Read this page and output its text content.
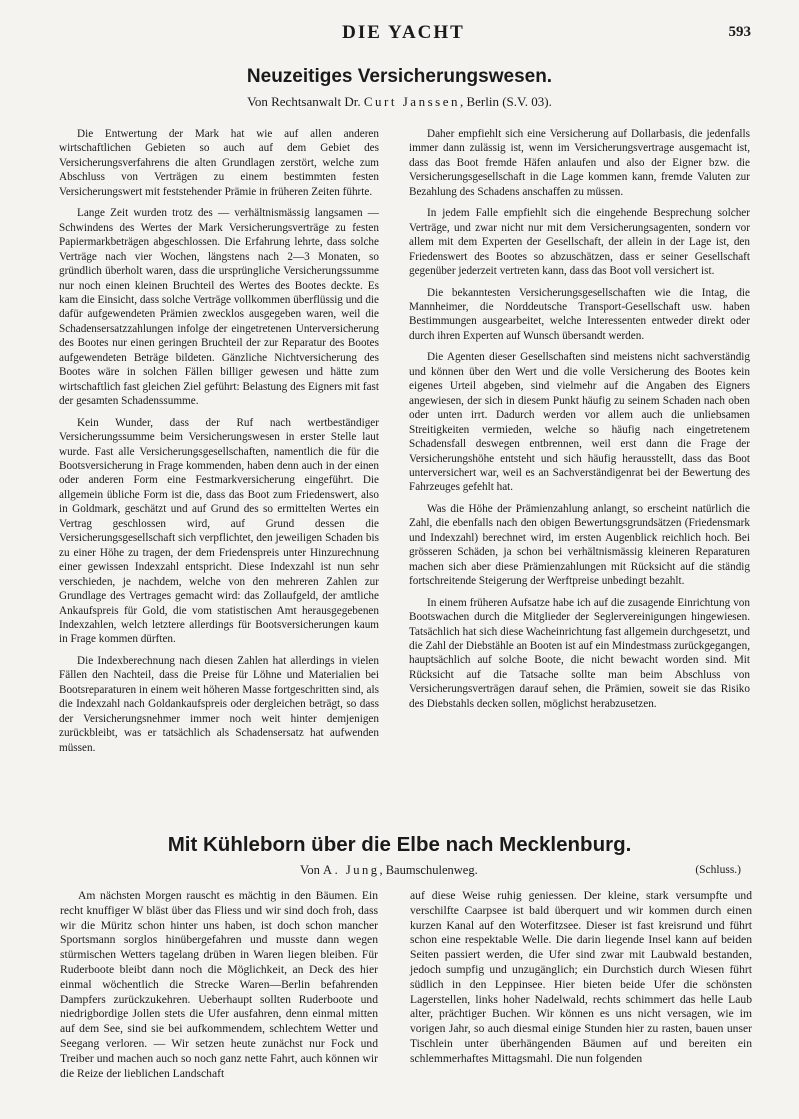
DIE YACHT	593
Neuzeitiges Versicherungswesen.
Von Rechtsanwalt Dr. Curt Janssen, Berlin (S.V. 03).

Die Entwertung der Mark hat wie auf allen anderen wirtschaftlichen Gebieten so auch auf dem Gebiet des Versicherungsverfahrens die alten Grundlagen zerstört, welche zum Abschluss von Verträgen zu einem bestimmten festen Versicherungswert mit feststehender Prämie in früheren Zeiten führte.

Lange Zeit wurden trotz des — verhältnismässig langsamen — Schwindens des Wertes der Mark Versicherungsverträge zu festen Papiermarkbeträgen abgeschlossen. Die Erfahrung lehrte, dass solche Verträge nach vier Wochen, längstens nach 2—3 Monaten, so gründlich überholt waren, dass die ursprüngliche Versicherungssumme nur noch einen kleinen Bruchteil des Wertes des Bootes deckte. Es kam die Einsicht, dass solche Verträge vollkommen überflüssig und die dafür aufgewendeten Prämien zwecklos ausgegeben waren, weil die Schadensersatzzahlungen infolge der eingetretenen Unterversicherung des Bootes nur einen geringen Bruchteil der zur Reparatur des Bootes aufgewendeten Beträge bildeten. Gänzliche Nichtversicherung des Bootes wäre in solchen Fällen billiger gewesen und hätte zum wirtschaftlich fast gleichen Ziel geführt: Belastung des Eigners mit fast der gesamten Schadenssumme.

Kein Wunder, dass der Ruf nach wertbeständiger Versicherungssumme beim Versicherungswesen in erster Stelle laut wurde. Fast alle Versicherungsgesellschaften, namentlich die für die Bootsversicherung in Frage kommenden, haben denn auch in der einen oder anderen Form eine Festmarkversicherung eingeführt. Die allgemein übliche Form ist die, dass das Boot zum Friedenswert, also in Goldmark, geschätzt und auf Grund des so ermittelten Wertes ein Vertrag geschlossen wird, auf Grund dessen die Versicherungsgesellschaft sich verpflichtet, den jeweiligen Schaden bis zu einer Höhe zu tragen, der dem Friedenspreis unter Hinzurechnung einer gewissen Indexzahl entspricht. Diese Indexzahl ist nun sehr verschieden, je nachdem, welche von den mehreren Zahlen zur Grundlage des Vertrages gemacht wird: das Zollaufgeld, der amtliche Ankaufspreis für Gold, die vom statistischen Amt herausgegebenen Indexzahlen, welch letztere allerdings für Bootsversicherungen kaum in Frage kommen dürften.

Die Indexberechnung nach diesen Zahlen hat allerdings in vielen Fällen den Nachteil, dass die Preise für Löhne und Materialien bei Bootsreparaturen in einem weit höheren Masse fortgeschritten sind, als die Indexzahl nach Goldankaufspreis oder dergleichen beträgt, so dass der Versicherungsnehmer immer noch weit hinter demjenigen zurückbleibt, was er tatsächlich als Schadensersatz hat aufwenden müssen.

Daher empfiehlt sich eine Versicherung auf Dollarbasis, die jedenfalls immer dann zulässig ist, wenn im Versicherungsvertrage ausgemacht ist, dass das Boot fremde Häfen anlaufen und also der Eigner bzw. die Versicherungsgesellschaft in die Lage kommen kann, fremde Valuten zur Bezahlung des Schadens anschaffen zu müssen.

In jedem Falle empfiehlt sich die eingehende Besprechung solcher Verträge, und zwar nicht nur mit dem Versicherungsagenten, sondern vor allem mit dem Experten der Gesellschaft, der allein in der Lage ist, den Friedenswert des Bootes so abzuschätzen, dass er seiner Gesellschaft gegenüber jederzeit vertreten kann, dass das Boot voll versichert ist.

Die bekanntesten Versicherungsgesellschaften wie die Intag, die Mannheimer, die Norddeutsche Transport-Gesellschaft usw. haben Bestimmungen ausgearbeitet, welche Interessenten entweder direkt oder durch ihren Experten auf Wunsch übersandt werden.

Die Agenten dieser Gesellschaften sind meistens nicht sachverständig und können über den Wert und die volle Versicherung des Bootes kein eigenes Urteil abgeben, sind vielmehr auf die Angaben des Eigners angewiesen, der sich in diesem Punkt häufig zu seinem Schaden nach oben oder unten irrt. Dadurch werden vor allem auch die unliebsamen Streitigkeiten vermieden, welche so häufig nach eingetretenem Schadensfall deswegen entbrennen, weil erst dann die Frage der Versicherungshöhe entsteht und sich häufig herausstellt, dass das Boot unterversichert war, weil es an Sachverständigenrat bei der Bewertung des Fahrzeuges gefehlt hat.

Was die Höhe der Prämienzahlung anlangt, so erscheint natürlich die Zahl, die ebenfalls nach den obigen Bewertungsgrundsätzen (Friedensmark und Indexzahl) berechnet wird, im ersten Augenblick reichlich hoch. Bei grösseren Schäden, ja schon bei verhältnismässig kleineren Reparaturen machen sich aber diese Prämienzahlungen mit Rücksicht auf die ständig fortschreitende Steigerung der Werftpreise unbedingt bezahlt.

In einem früheren Aufsatze habe ich auf die zusagende Einrichtung von Bootswachen durch die Mitglieder der Seglervereinigungen hingewiesen. Tatsächlich hat sich diese Wacheinrichtung fast allgemein durchgesetzt, und die Zahl der Diebstähle an Booten ist auf ein Mindestmass zurückgegangen, hauptsächlich auf solche Boote, die nicht bewacht worden sind. Mit Rücksicht auf die Tatsache sollte man beim Abschluss von Versicherungsverträgen darauf sehen, die Prämien, soweit sie das Risiko des Diebstahls decken sollen, möglichst herabzusetzen.

Mit Kühleborn über die Elbe nach Mecklenburg.
Von A. Jung, Baumschulenweg.	(Schluss.)

Am nächsten Morgen rauscht es mächtig in den Bäumen. Ein recht knuffiger W bläst über das Fliess und wir sind doch froh, dass wir die Müritz schon hinter uns haben, ist doch schon mancher Sportsmann sorglos hinübergefahren und musste dann wegen stürmischen Wetters tagelang drüben in Waren liegen bleiben. Für Ruderboote bleibt dann noch die Möglichkeit, an Deck des hier einmal wöchentlich die Strecke Waren—Berlin befahrenden Dampfers zurückzukehren. Ueberhaupt sollten Ruderboote und niedrigbordige Jollen stets die Ufer ausfahren, denn einmal mitten auf dem See, sind sie bei aufkommendem, schlechtem Wetter und Seegang verloren. — Wir setzen heute zunächst nur Fock und Treiber und machen auch so noch ganz nette Fahrt, auch können wir die Reize der lieblichen Landschaft

auf diese Weise ruhig geniessen. Der kleine, stark versumpfte und verschilfte Caarpsee ist bald überquert und wir kommen durch einen kurzen Kanal auf den Woterfitzsee. Dieser ist fast kreisrund und führt schon eine respektable Welle. Die darin liegende Insel kann auf beiden Seiten passiert werden, die Ufer sind zwar mit Laubwald bestanden, jedoch sumpfig und unzugänglich; ein Durchstich durch Wiesen führt südlich in den Leppinsee. Hier bieten beide Ufer die schönsten Lagerstellen, links hoher Nadelwald, rechts schimmert das helle Laub alter, prächtiger Buchen. Wir können es uns nicht versagen, wie im vorigen Jahr, so auch diesmal einige Stunden hier zu rasten, bauen unser Tischlein unter überhängenden Bäumen auf und bereiten ein schlemmerhaftes Mittagsmahl. Die nun folgenden
